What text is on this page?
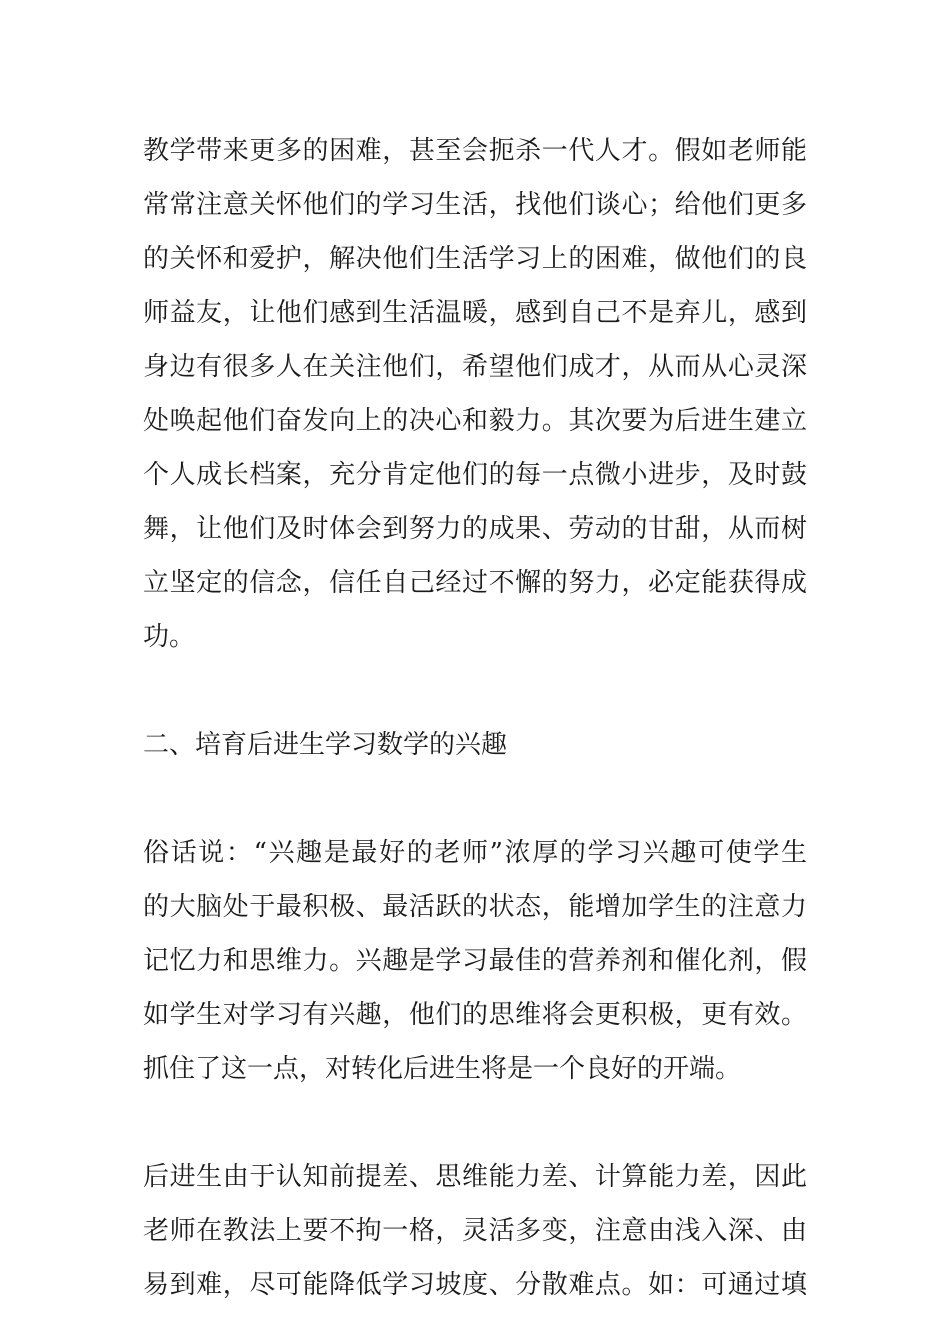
教学带来更多的困难，甚至会扼杀一代人才。假如老师能
常常注意关怀他们的学习生活，找他们谈心；给他们更多
的关怀和爱护，解决他们生活学习上的困难，做他们的良
师益友，让他们感到生活温暖，感到自己不是弃儿，感到
身边有很多人在关注他们，希望他们成才，从而从心灵深
处唤起他们奋发向上的决心和毅力。其次要为后进生建立
个人成长档案，充分肯定他们的每一点微小进步，及时鼓
舞，让他们及时体会到努力的成果、劳动的甘甜，从而树
立坚定的信念，信任自己经过不懈的努力，必定能获得成
功。
二、培育后进生学习数学的兴趣
俗话说：“兴趣是最好的老师”浓厚的学习兴趣可使学生
的大脑处于最积极、最活跃的状态，能增加学生的注意力
记忆力和思维力。兴趣是学习最佳的营养剂和催化剂，假
如学生对学习有兴趣，他们的思维将会更积极，更有效。
抓住了这一点，对转化后进生将是一个良好的开端。
后进生由于认知前提差、思维能力差、计算能力差，因此
老师在教法上要不拘一格，灵活多变，注意由浅入深、由
易到难，尽可能降低学习坡度、分散难点。如：可通过填
